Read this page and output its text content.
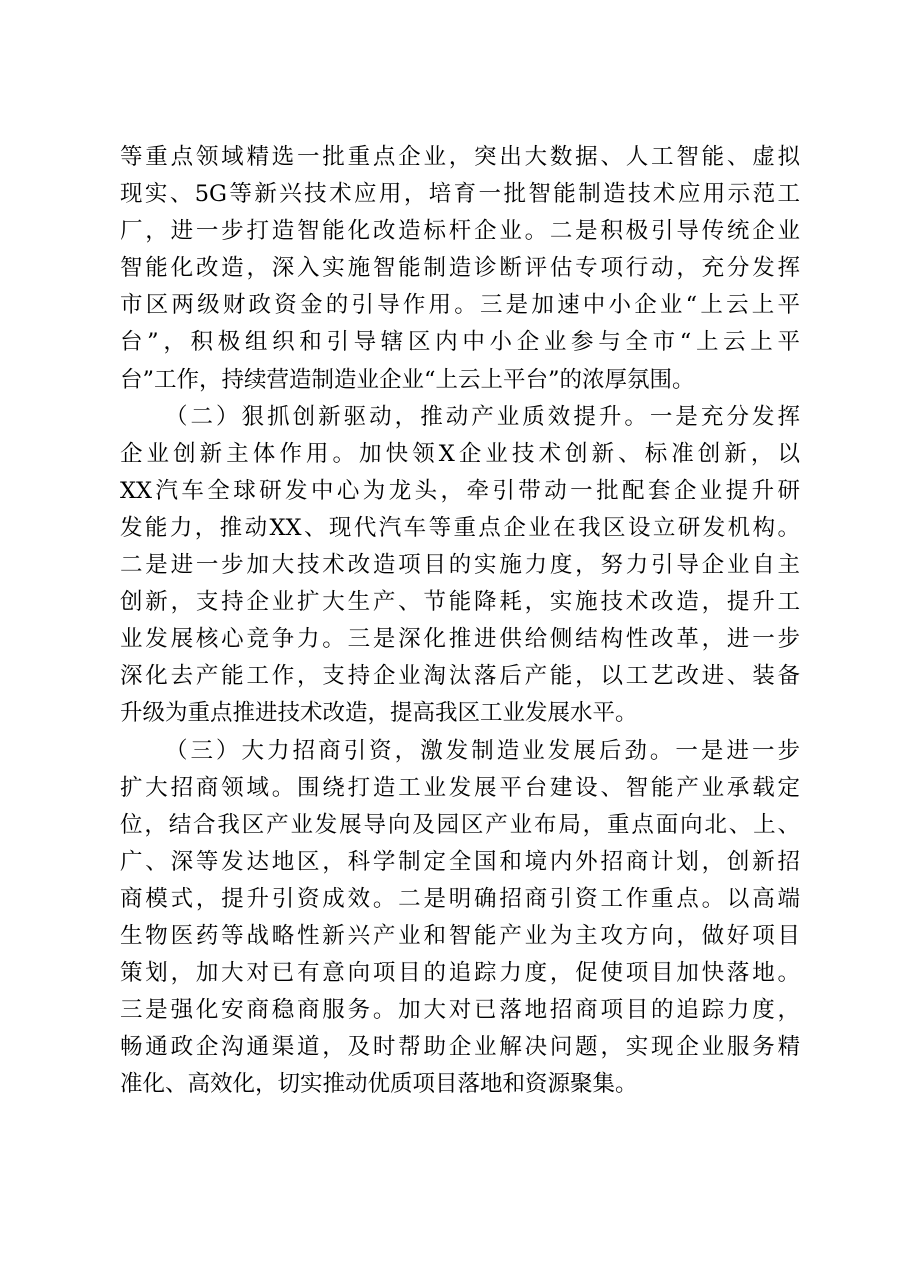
等重点领域精选一批重点企业，突出大数据、人工智能、虚拟
现实、5G等新兴技术应用，培育一批智能制造技术应用示范工
厂，进一步打造智能化改造标杆企业。二是积极引导传统企业
智能化改造，深入实施智能制造诊断评估专项行动，充分发挥
市区两级财政资金的引导作用。三是加速中小企业“上云上平
台”，积极组织和引导辖区内中小企业参与全市“上云上平
台”工作，持续营造制造业企业“上云上平台”的浓厚氛围。
（二）狠抓创新驱动，推动产业质效提升。一是充分发挥
企业创新主体作用。加快领X企业技术创新、标准创新，以
XX汽车全球研发中心为龙头，牵引带动一批配套企业提升研
发能力，推动XX、现代汽车等重点企业在我区设立研发机构。
二是进一步加大技术改造项目的实施力度，努力引导企业自主
创新，支持企业扩大生产、节能降耗，实施技术改造，提升工
业发展核心竞争力。三是深化推进供给侧结构性改革，进一步
深化去产能工作，支持企业淘汰落后产能，以工艺改进、装备
升级为重点推进技术改造，提高我区工业发展水平。
（三）大力招商引资，激发制造业发展后劲。一是进一步
扩大招商领域。围绕打造工业发展平台建设、智能产业承载定
位，结合我区产业发展导向及园区产业布局，重点面向北、上、
广、深等发达地区，科学制定全国和境内外招商计划，创新招
商模式，提升引资成效。二是明确招商引资工作重点。以高端
生物医药等战略性新兴产业和智能产业为主攻方向，做好项目
策划，加大对已有意向项目的追踪力度，促使项目加快落地。
三是强化安商稳商服务。加大对已落地招商项目的追踪力度，
畅通政企沟通渠道，及时帮助企业解决问题，实现企业服务精
准化、高效化，切实推动优质项目落地和资源聚集。
